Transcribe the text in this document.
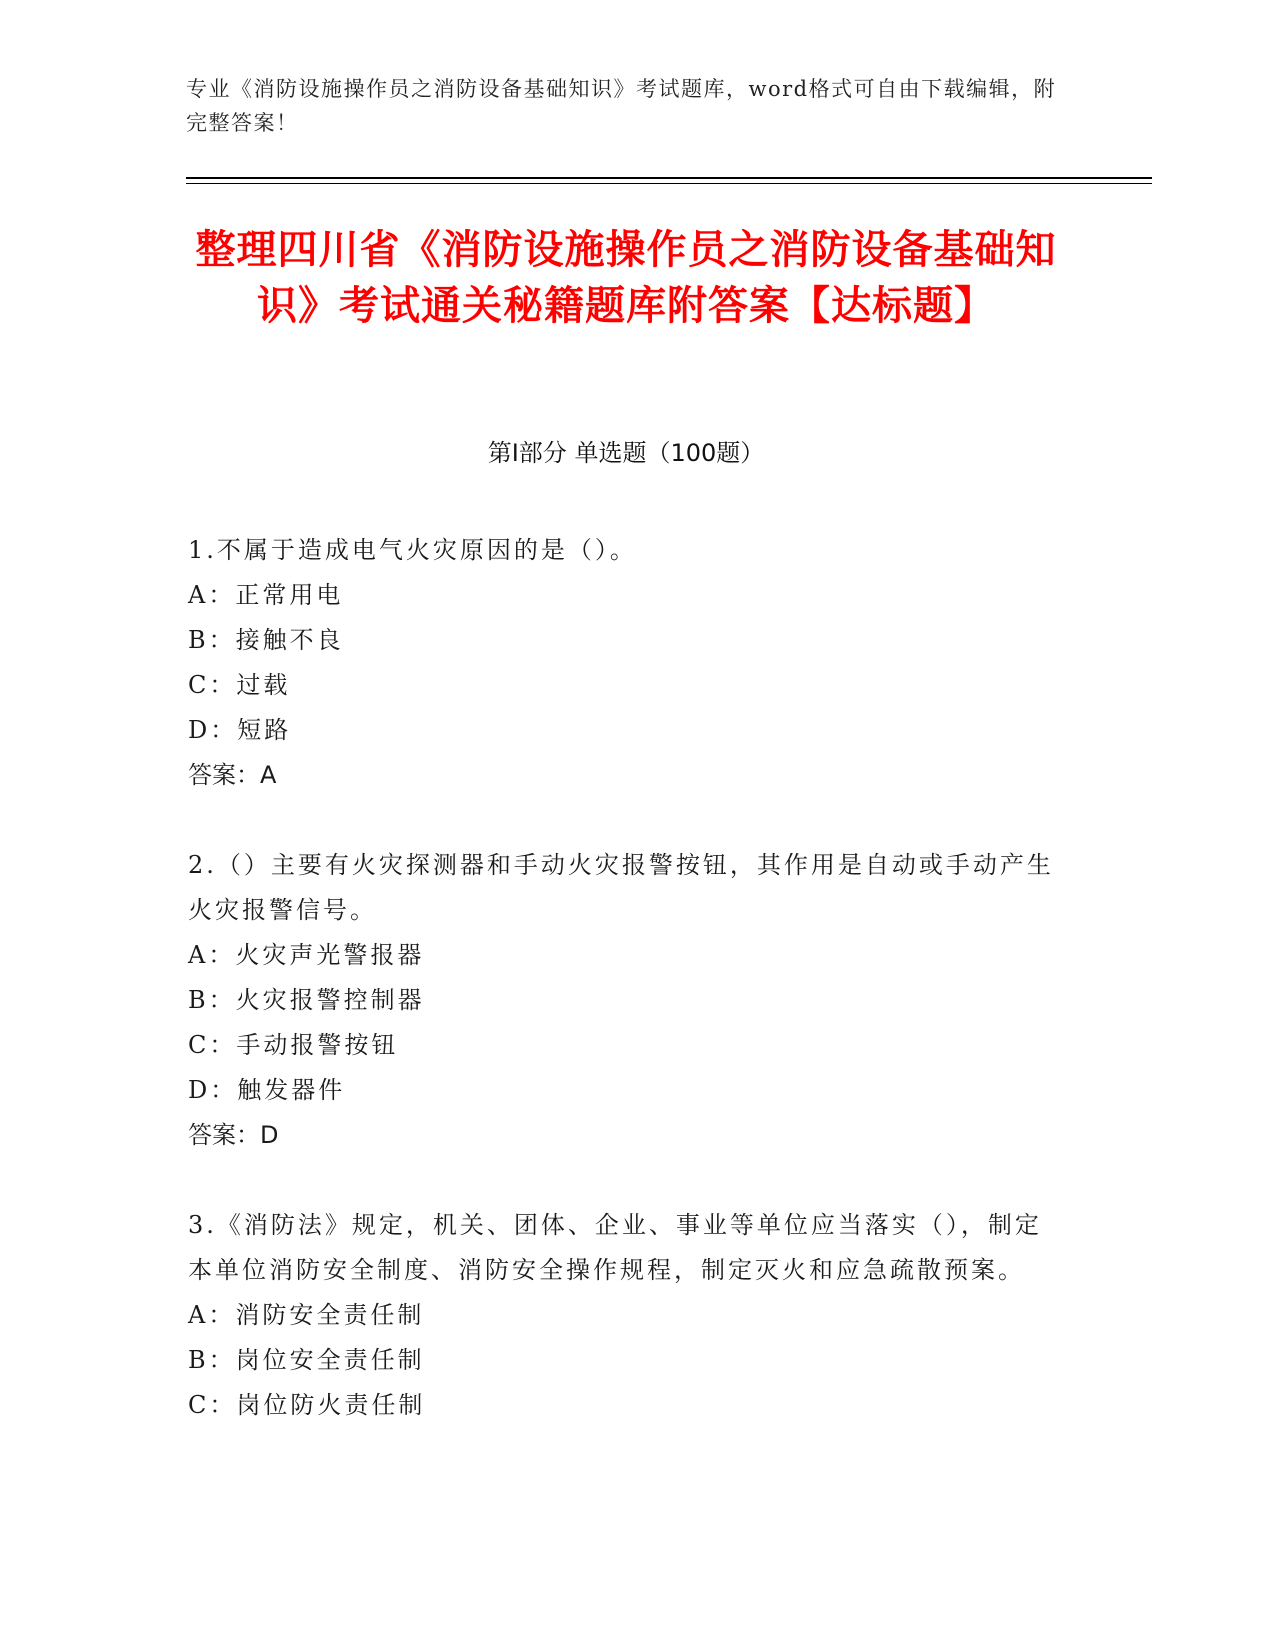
专业《消防设施操作员之消防设备基础知识》考试题库，word格式可自由下载编辑，附完整答案！
整理四川省《消防设施操作员之消防设备基础知识》考试通关秘籍题库附答案【达标题】
第I部分 单选题（100题）

1.不属于造成电气火灾原因的是（）。

A：正常用电

B：接触不良

C：过载

D：短路

答案：A

2.（）主要有火灾探测器和手动火灾报警按钮，其作用是自动或手动产生火灾报警信号。

A：火灾声光警报器

B：火灾报警控制器

C：手动报警按钮

D：触发器件

答案：D

3.《消防法》规定，机关、团体、企业、事业等单位应当落实（），制定本单位消防安全制度、消防安全操作规程，制定灭火和应急疏散预案。

A：消防安全责任制

B：岗位安全责任制

C：岗位防火责任制
